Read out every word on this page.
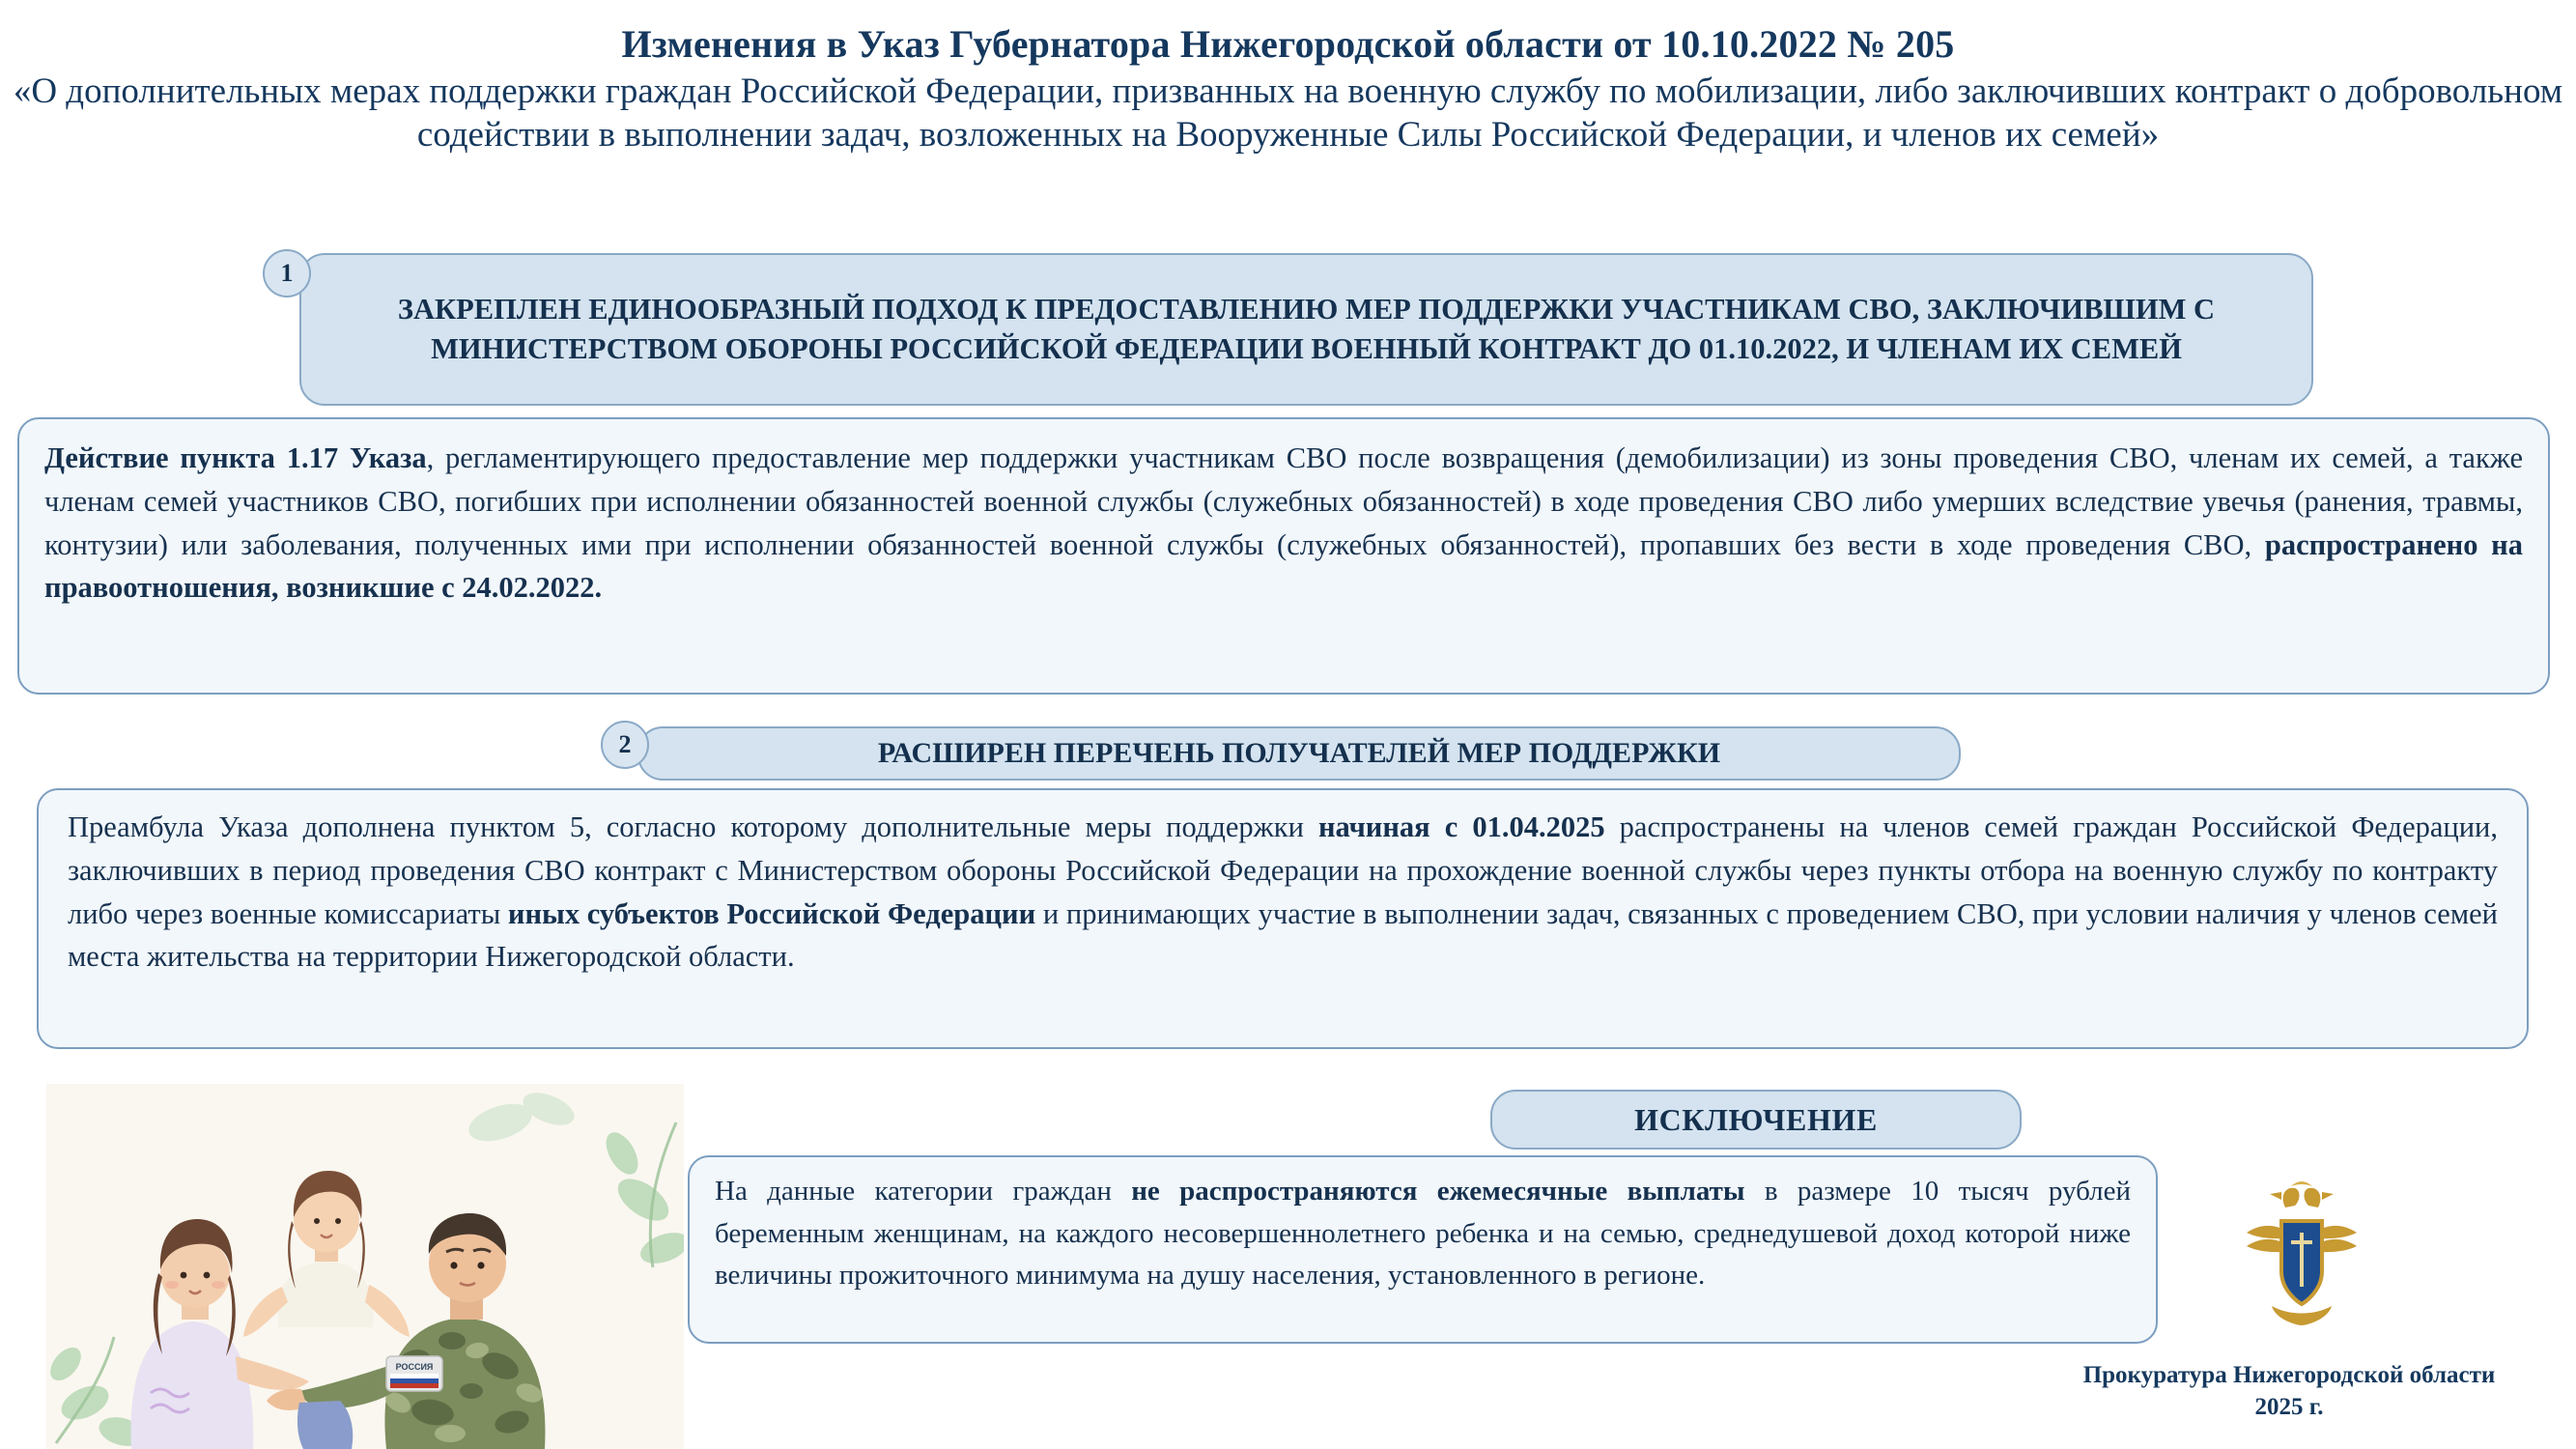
Изменения в Указ Губернатора Нижегородской области от 10.10.2022 № 205
«О дополнительных мерах поддержки граждан Российской Федерации, призванных на военную службу по мобилизации, либо заключивших контракт о добровольном содействии в выполнении задач, возложенных на Вооруженные Силы Российской Федерации, и членов их семей»
1
ЗАКРЕПЛЕН ЕДИНООБРАЗНЫЙ ПОДХОД К ПРЕДОСТАВЛЕНИЮ МЕР ПОДДЕРЖКИ УЧАСТНИКАМ СВО, ЗАКЛЮЧИВШИМ С МИНИСТЕРСТВОМ ОБОРОНЫ РОССИЙСКОЙ ФЕДЕРАЦИИ ВОЕННЫЙ КОНТРАКТ ДО 01.10.2022, И ЧЛЕНАМ ИХ СЕМЕЙ
Действие пункта 1.17 Указа, регламентирующего предоставление мер поддержки участникам СВО после возвращения (демобилизации) из зоны проведения СВО, членам их семей, а также членам семей участников СВО, погибших при исполнении обязанностей военной службы (служебных обязанностей) в ходе проведения СВО либо умерших вследствие увечья (ранения, травмы, контузии) или заболевания, полученных ими при исполнении обязанностей военной службы (служебных обязанностей), пропавших без вести в ходе проведения СВО, распространено на правоотношения, возникшие с 24.02.2022.
2	РАСШИРЕН ПЕРЕЧЕНЬ ПОЛУЧАТЕЛЕЙ МЕР ПОДДЕРЖКИ
Преамбула Указа дополнена пунктом 5, согласно которому дополнительные меры поддержки начиная с 01.04.2025 распространены на членов семей граждан Российской Федерации, заключивших в период проведения СВО контракт с Министерством обороны Российской Федерации на прохождение военной службы через пункты отбора на военную службу по контракту либо через военные комиссариаты иных субъектов Российской Федерации и принимающих участие в выполнении задач, связанных с проведением СВО, при условии наличия у членов семей места жительства на территории Нижегородской области.
ИСКЛЮЧЕНИЕ
На данные категории граждан не распространяются ежемесячные выплаты в размере 10 тысяч рублей беременным женщинам, на каждого несовершеннолетнего ребенка и на семью, среднедушевой доход которой ниже величины прожиточного минимума на душу населения, установленного в регионе.
РОССИЯ	Прокуратура Нижегородской области
2025 г.
